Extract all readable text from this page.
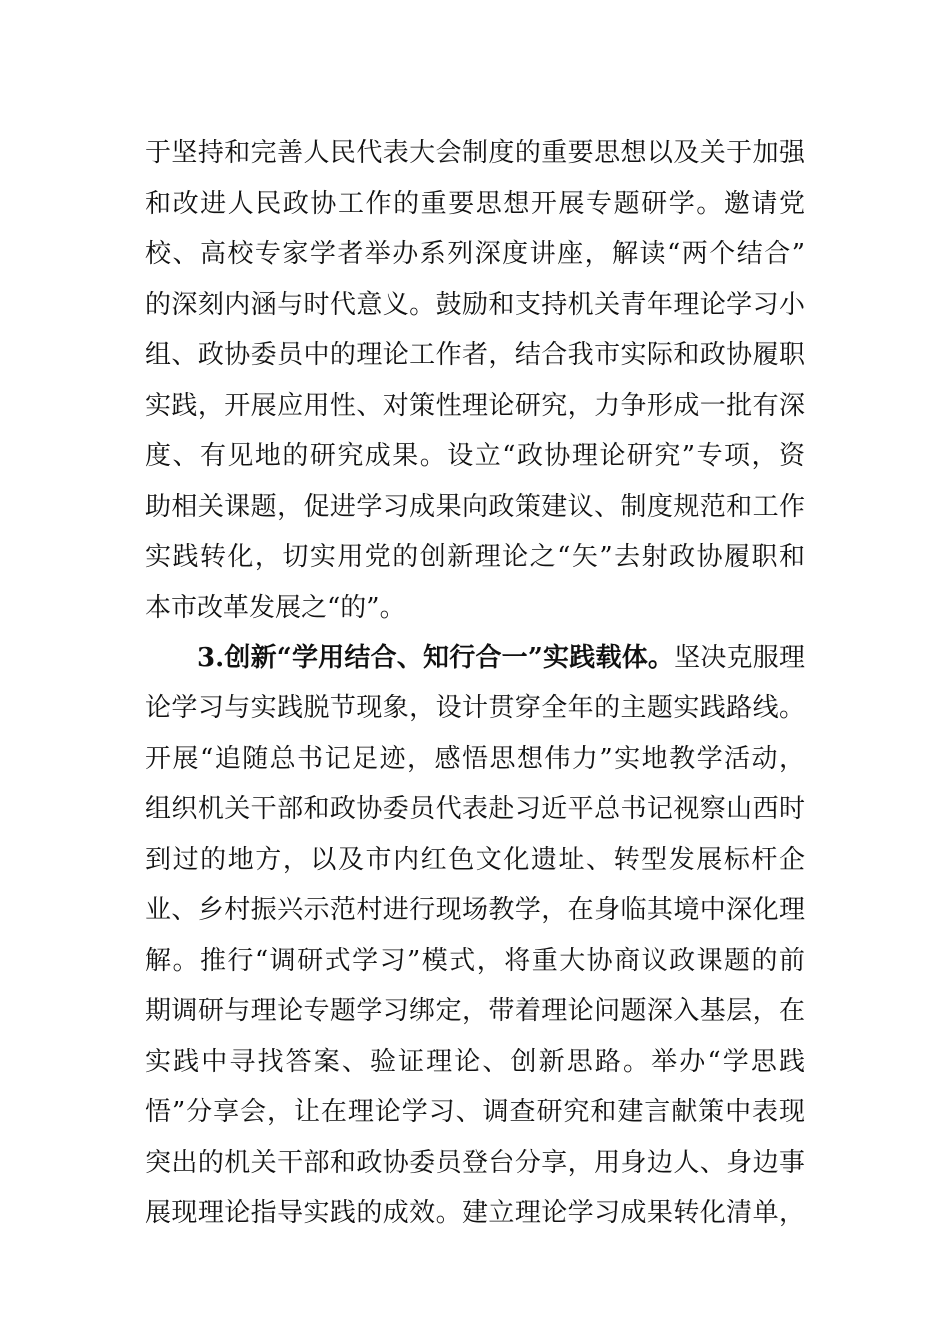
于坚持和完善人民代表大会制度的重要思想以及关于加强
和改进人民政协工作的重要思想开展专题研学。邀请党
校、高校专家学者举办系列深度讲座，解读“两个结合”
的深刻内涵与时代意义。鼓励和支持机关青年理论学习小
组、政协委员中的理论工作者，结合我市实际和政协履职
实践，开展应用性、对策性理论研究，力争形成一批有深
度、有见地的研究成果。设立“政协理论研究”专项，资
助相关课题，促进学习成果向政策建议、制度规范和工作
实践转化，切实用党的创新理论之“矢”去射政协履职和
本市改革发展之“的”。
3.创新“学用结合、知行合一”实践载体。坚决克服理
论学习与实践脱节现象，设计贯穿全年的主题实践路线。
开展“追随总书记足迹，感悟思想伟力”实地教学活动，
组织机关干部和政协委员代表赴习近平总书记视察山西时
到过的地方，以及市内红色文化遗址、转型发展标杆企
业、乡村振兴示范村进行现场教学，在身临其境中深化理
解。推行“调研式学习”模式，将重大协商议政课题的前
期调研与理论专题学习绑定，带着理论问题深入基层，在
实践中寻找答案、验证理论、创新思路。举办“学思践
悟”分享会，让在理论学习、调查研究和建言献策中表现
突出的机关干部和政协委员登台分享，用身边人、身边事
展现理论指导实践的成效。建立理论学习成果转化清单，
